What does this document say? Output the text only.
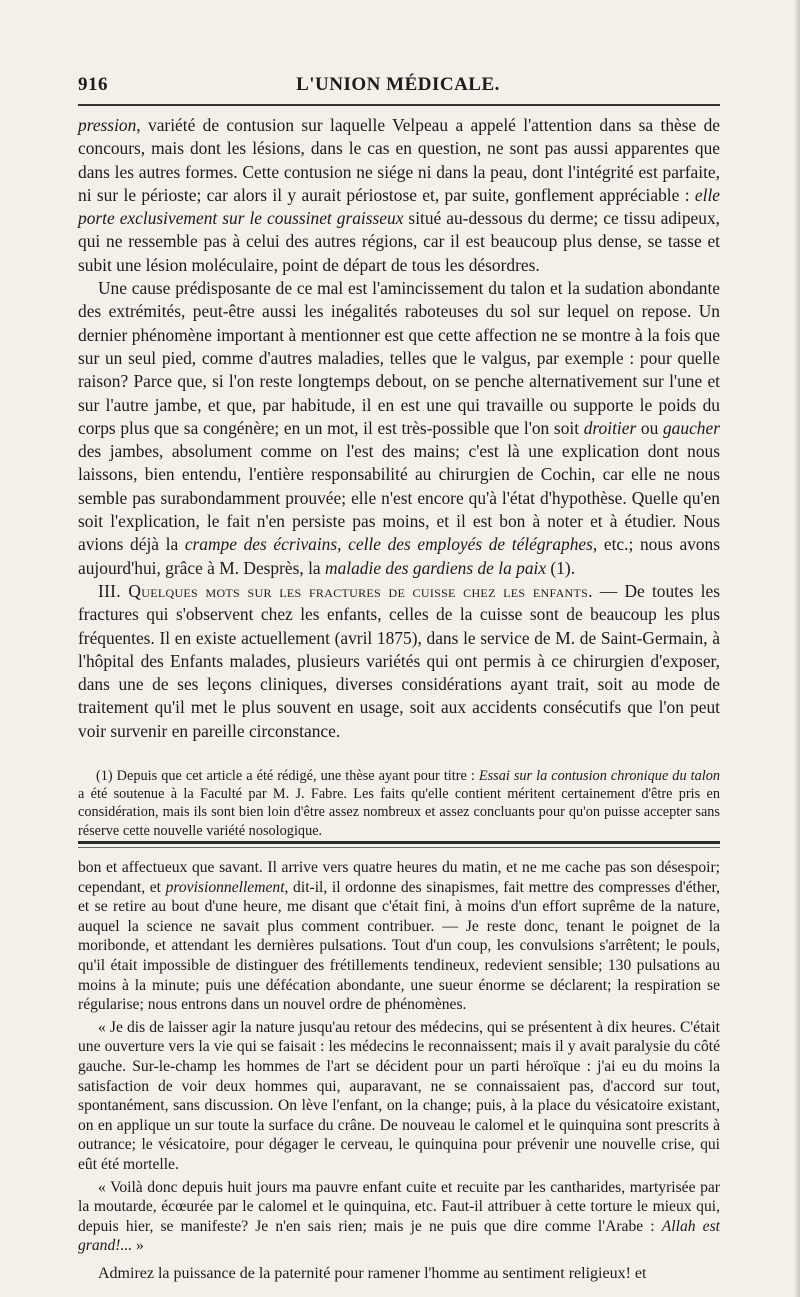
916	L'UNION MÉDICALE.

pression, variété de contusion sur laquelle Velpeau a appelé l'attention dans sa thèse de concours, mais dont les lésions, dans le cas en question, ne sont pas aussi apparentes que dans les autres formes. Cette contusion ne siége ni dans la peau, dont l'intégrité est parfaite, ni sur le périoste; car alors il y aurait périostose et, par suite, gonflement appréciable : elle porte exclusivement sur le coussinet graisseux situé au-dessous du derme; ce tissu adipeux, qui ne ressemble pas à celui des autres régions, car il est beaucoup plus dense, se tasse et subit une lésion moléculaire, point de départ de tous les désordres.

Une cause prédisposante de ce mal est l'amincissement du talon et la sudation abondante des extrémités, peut-être aussi les inégalités raboteuses du sol sur lequel on repose. Un dernier phénomène important à mentionner est que cette affection ne se montre à la fois que sur un seul pied, comme d'autres maladies, telles que le valgus, par exemple : pour quelle raison? Parce que, si l'on reste longtemps debout, on se penche alternativement sur l'une et sur l'autre jambe, et que, par habitude, il en est une qui travaille ou supporte le poids du corps plus que sa congénère; en un mot, il est très-possible que l'on soit droitier ou gaucher des jambes, absolument comme on l'est des mains; c'est là une explication dont nous laissons, bien entendu, l'entière responsabilité au chirurgien de Cochin, car elle ne nous semble pas surabondamment prouvée; elle n'est encore qu'à l'état d'hypothèse. Quelle qu'en soit l'explication, le fait n'en persiste pas moins, et il est bon à noter et à étudier. Nous avions déjà la crampe des écrivains, celle des employés de télégraphes, etc.; nous avons aujourd'hui, grâce à M. Desprès, la maladie des gardiens de la paix (1).

III. Quelques mots sur les fractures de cuisse chez les enfants. — De toutes les fractures qui s'observent chez les enfants, celles de la cuisse sont de beaucoup les plus fréquentes. Il en existe actuellement (avril 1875), dans le service de M. de Saint-Germain, à l'hôpital des Enfants malades, plusieurs variétés qui ont permis à ce chirurgien d'exposer, dans une de ses leçons cliniques, diverses considérations ayant trait, soit au mode de traitement qu'il met le plus souvent en usage, soit aux accidents consécutifs que l'on peut voir survenir en pareille circonstance.

(1) Depuis que cet article a été rédigé, une thèse ayant pour titre : Essai sur la contusion chronique du talon a été soutenue à la Faculté par M. J. Fabre. Les faits qu'elle contient méritent certainement d'être pris en considération, mais ils sont bien loin d'être assez nombreux et assez concluants pour qu'on puisse accepter sans réserve cette nouvelle variété nosologique.

bon et affectueux que savant. Il arrive vers quatre heures du matin, et ne me cache pas son désespoir; cependant, et provisionnellement, dit-il, il ordonne des sinapismes, fait mettre des compresses d'éther, et se retire au bout d'une heure, me disant que c'était fini, à moins d'un effort suprême de la nature, auquel la science ne savait plus comment contribuer. — Je reste donc, tenant le poignet de la moribonde, et attendant les dernières pulsations. Tout d'un coup, les convulsions s'arrêtent; le pouls, qu'il était impossible de distinguer des frétillements tendineux, redevient sensible; 130 pulsations au moins à la minute; puis une défécation abondante, une sueur énorme se déclarent; la respiration se régularise; nous entrons dans un nouvel ordre de phénomènes.

« Je dis de laisser agir la nature jusqu'au retour des médecins, qui se présentent à dix heures. C'était une ouverture vers la vie qui se faisait : les médecins le reconnaissent; mais il y avait paralysie du côté gauche. Sur-le-champ les hommes de l'art se décident pour un parti héroïque : j'ai eu du moins la satisfaction de voir deux hommes qui, auparavant, ne se connaissaient pas, d'accord sur tout, spontanément, sans discussion. On lève l'enfant, on la change; puis, à la place du vésicatoire existant, on en applique un sur toute la surface du crâne. De nouveau le calomel et le quinquina sont prescrits à outrance; le vésicatoire, pour dégager le cerveau, le quinquina pour prévenir une nouvelle crise, qui eût été mortelle.

« Voilà donc depuis huit jours ma pauvre enfant cuite et recuite par les cantharides, martyrisée par la moutarde, écœurée par le calomel et le quinquina, etc. Faut-il attribuer à cette torture le mieux qui, depuis hier, se manifeste? Je n'en sais rien; mais je ne puis que dire comme l'Arabe : Allah est grand!... »

Admirez la puissance de la paternité pour ramener l'homme au sentiment religieux! et
